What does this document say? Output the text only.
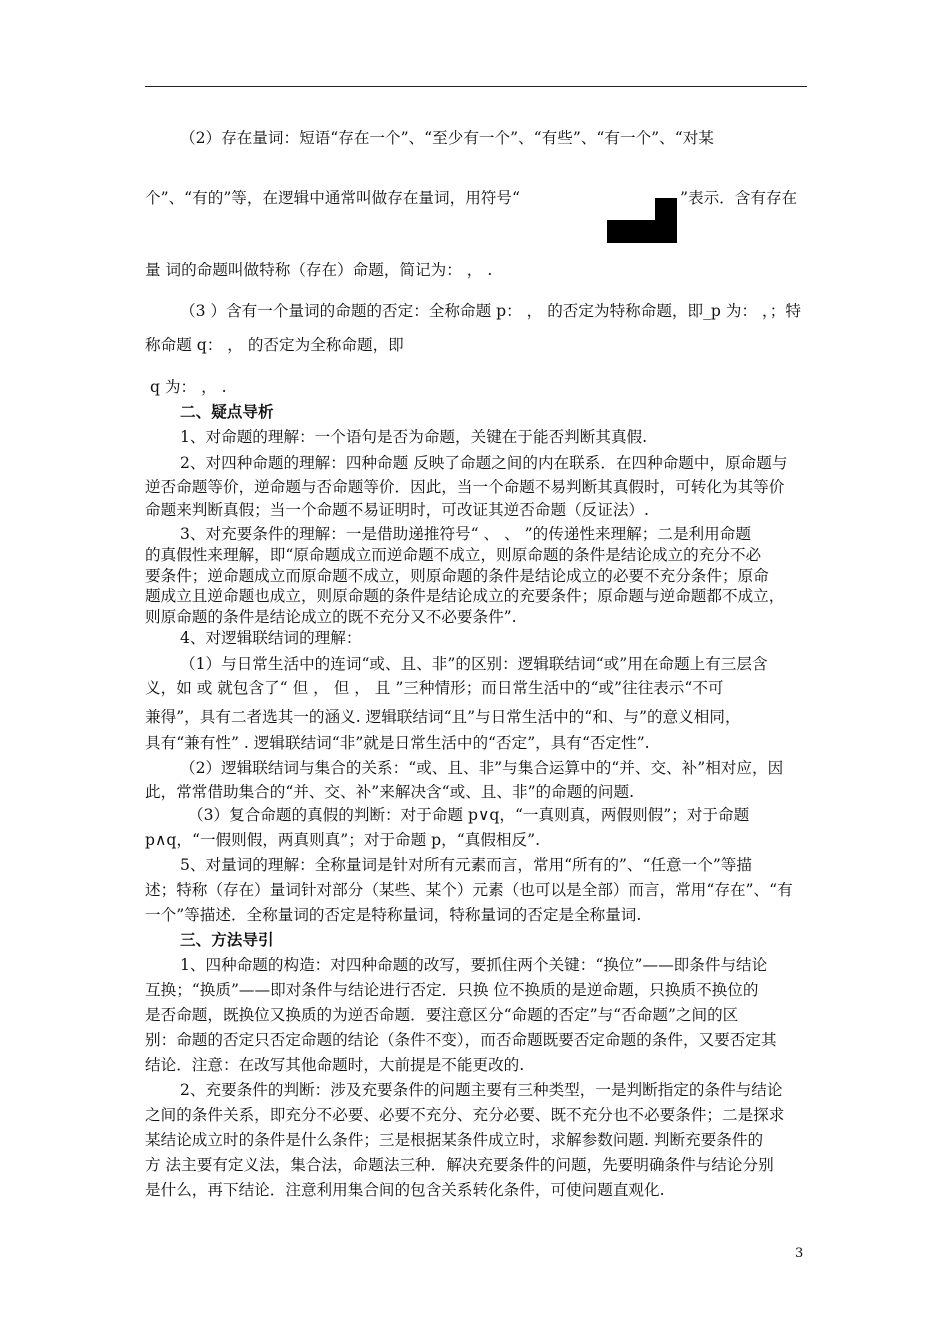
（2）存在量词：短语“存在一个”、“至少有一个”、“有些”、“有一个”、“对某
个”、“有的”等，在逻辑中通常叫做存在量词，用符号“	”表示．含有存在
量 词的命题叫做特称（存在）命题，简记为： ， .
（3 ）含有一个量词的命题的否定：全称命题 p： ， 的否定为特称命题，即_p 为： ，；特
称命题 q： ， 的否定为全称命题，即
q 为： ， .
二、疑点导析
1、对命题的理解：一个语句是否为命题，关键在于能否判断其真假.
2、对四种命题的理解：四种命题 反映了命题之间的内在联系．在四种命题中，原命题与
逆否命题等价，逆命题与否命题等价．因此，当一个命题不易判断其真假时，可转化为其等价
命题来判断真假；当一个命题不易证明时，可改证其逆否命题（反证法）.
3、对充要条件的理解：一是借助递推符号“ 、 、 ”的传递性来理解；二是利用命题
的真假性来理解，即“原命题成立而逆命题不成立，则原命题的条件是结论成立的充分不必
要条件；逆命题成立而原命题不成立，则原命题的条件是结论成立的必要不充分条件；原命
题成立且逆命题也成立，则原命题的条件是结论成立的充要条件；原命题与逆命题都不成立，
则原命题的条件是结论成立的既不充分又不必要条件”.
4、对逻辑联结词的理解：
（1）与日常生活中的连词“或、且、非”的区别：逻辑联结词“或”用在命题上有三层含
义，如 或 就包含了“ 但 ， 但 ， 且 ”三种情形；而日常生活中的“或”往往表示“不可
兼得”，具有二者选其一的涵义. 逻辑联结词“且”与日常生活中的“和、与”的意义相同，
具有“兼有性” . 逻辑联结词“非”就是日常生活中的“否定”，具有“否定性”.
（2）逻辑联结词与集合的关系：“或、且、非”与集合运算中的“并、交、补”相对应，因
此，常常借助集合的“并、交、补”来解决含“或、且、非”的命题的问题.
（3）复合命题的真假的判断：对于命题 p∨q，“一真则真，两假则假”；对于命题
p∧q，“一假则假，两真则真”；对于命题 p，“真假相反”.
5、对量词的理解：全称量词是针对所有元素而言，常用“所有的”、“任意一个”等描
述；特称（存在）量词针对部分（某些、某个）元素（也可以是全部）而言，常用“存在”、“有
一个”等描述．全称量词的否定是特称量词，特称量词的否定是全称量词.
三、方法导引
1、四种命题的构造：对四种命题的改写，要抓住两个关键：“换位”——即条件与结论
互换；“换质”——即对条件与结论进行否定．只换 位不换质的是逆命题，只换质不换位的
是否命题，既换位又换质的为逆否命题．要注意区分“命题的否定”与“否命题”之间的区
别：命题的否定只否定命题的结论（条件不变），而否命题既要否定命题的条件，又要否定其
结论．注意：在改写其他命题时，大前提是不能更改的.
2、充要条件的判断：涉及充要条件的问题主要有三种类型，一是判断指定的条件与结论
之间的条件关系，即充分不必要、必要不充分、充分必要、既不充分也不必要条件；二是探求
某结论成立时的条件是什么条件；三是根据某条件成立时，求解参数问题. 判断充要条件的
方 法主要有定义法，集合法，命题法三种．解决充要条件的问题，先要明确条件与结论分别
是什么，再下结论．注意利用集合间的包含关系转化条件，可使问题直观化.
3
